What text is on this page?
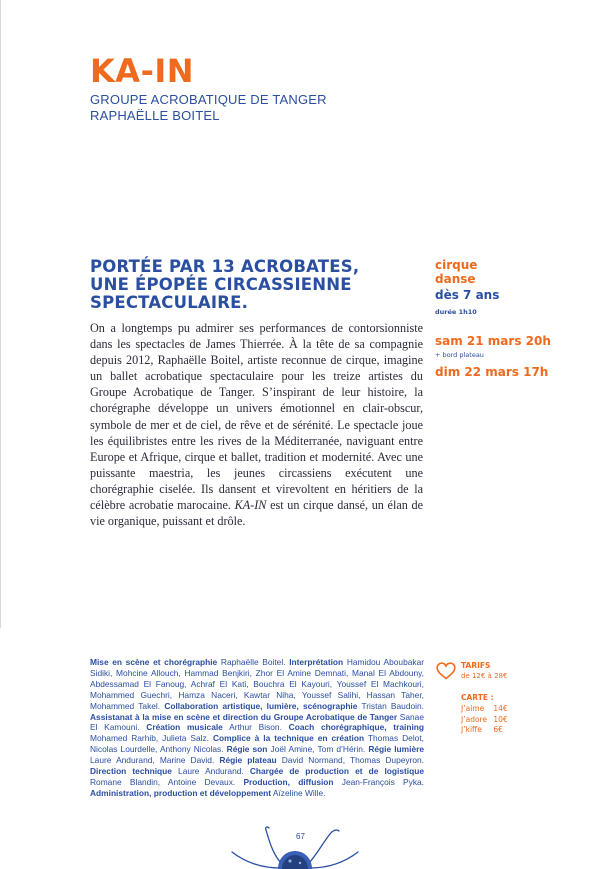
KA-IN
GROUPE ACROBATIQUE DE TANGER
RAPHAËLLE BOITEL
PORTÉE PAR 13 ACROBATES,
UNE ÉPOPÉE CIRCASSIENNE
SPECTACULAIRE.

On a longtemps pu admirer ses performances de contorsionniste dans les spectacles de James Thierrée. À la tête de sa compagnie depuis 2012, Raphaëlle Boitel, artiste reconnue de cirque, imagine un ballet acrobatique spectaculaire pour les treize artistes du Groupe Acrobatique de Tanger. S’inspirant de leur histoire, la chorégraphe développe un univers émotionnel en clair-obscur, symbole de mer et de ciel, de rêve et de sérénité. Le spectacle joue les équilibristes entre les rives de la Méditerranée, naviguant entre Europe et Afrique, cirque et ballet, tradition et modernité. Avec une puissante maestria, les jeunes circassiens exécutent une chorégraphie ciselée. Ils dansent et virevoltent en héritiers de la célèbre acrobatie marocaine. KA-IN est un cirque dansé, un élan de vie organique, puissant et drôle.

cirque
danse
dès 7 ans
durée 1h10
sam 21 mars 20h
+ bord plateau
dim 22 mars 17h

Mise en scène et chorégraphie Raphaëlle Boitel. Interprétation Hamidou Aboubakar Sidiki, Mohcine Allouch, Hammad Benjkiri, Zhor El Amine Demnati, Manal El Abdouny, Abdessamad El Fanoug, Achraf El Kati, Bouchra El Kayouri, Youssef El Machkouri, Mohammed Guechri, Hamza Naceri, Kawtar Niha, Youssef Salihi, Hassan Taher, Mohammed Takel. Collaboration artistique, lumière, scénographie Tristan Baudoin. Assistanat à la mise en scène et direction du Groupe Acrobatique de Tanger Sanae El Kamouni. Création musicale Arthur Bison. Coach chorégraphique, training Mohamed Rarhib, Julieta Salz. Complice à la technique en création Thomas Delot, Nicolas Lourdelle, Anthony Nicolas. Régie son Joël Amine, Tom d’Hérin. Régie lumière Laure Andurand, Marine David. Régie plateau David Normand, Thomas Dupeyron. Direction technique Laure Andurand. Chargée de production et de logistique Romane Blandin, Antoine Devaux. Production, diffusion Jean-François Pyka. Administration, production et développement Aïzeline Wille.

TARIFS
de 12€ à 28€
CARTE :
J’aime 14€
J’adore 10€
J’kiffe 6€
67
